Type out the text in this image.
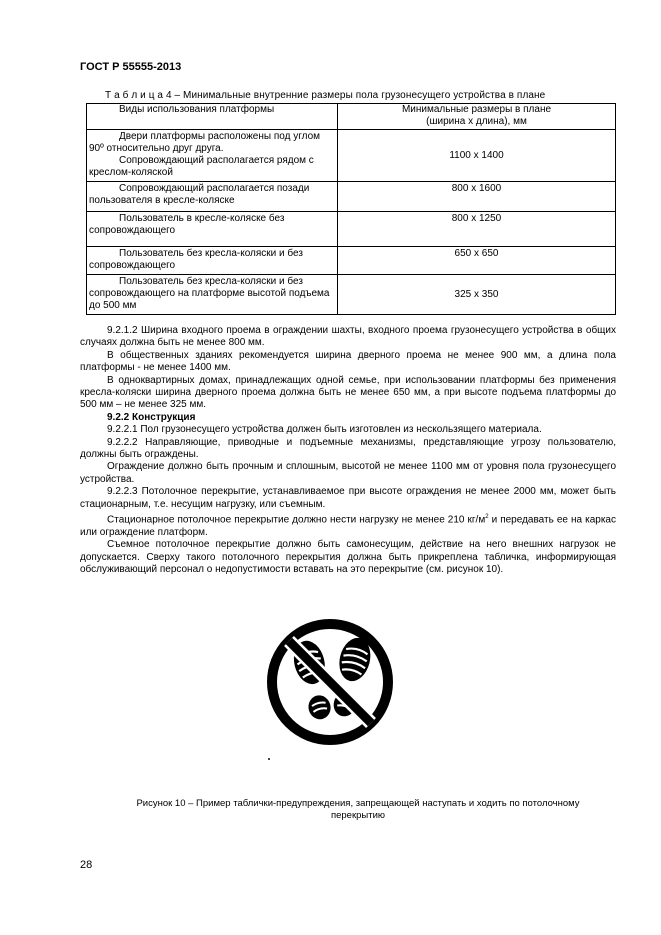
ГОСТ Р 55555-2013
Т а б л и ц а 4 – Минимальные внутренние размеры пола грузонесущего устройства в плане
Виды использования платформы	Минимальные размеры в плане
(ширина х длина), мм

Двери платформы расположены под углом 90º относительно друг друга.
Сопровождающий располагается рядом с креслом-коляской	1100 х 1400
Сопровождающий располагается позади пользователя в кресле-коляске	800 х 1600
Пользователь в кресле-коляске без сопровождающего	800 х 1250
Пользователь без кресла-коляски и без сопровождающего	650 х 650
Пользователь без кресла-коляски и без сопровождающего на платформе высотой подъема до 500 мм	325 х 350

9.2.1.2 Ширина входного проема в ограждении шахты, входного проема грузонесущего устройства в общих случаях должна быть не менее 800 мм.

В общественных зданиях рекомендуется ширина дверного проема не менее 900 мм, а длина пола платформы - не менее 1400 мм.

В одноквартирных домах, принадлежащих одной семье, при использовании платформы без применения кресла-коляски ширина дверного проема должна быть не менее 650 мм, а при высоте подъема платформы до 500 мм – не менее 325 мм.

9.2.2 Конструкция

9.2.2.1 Пол грузонесущего устройства должен быть изготовлен из нескользящего материала.

9.2.2.2 Направляющие, приводные и подъемные механизмы, представляющие угрозу пользователю, должны быть ограждены.

Ограждение должно быть прочным и сплошным, высотой не менее 1100 мм от уровня пола грузонесущего устройства.

9.2.2.3 Потолочное перекрытие, устанавливаемое при высоте ограждения не менее 2000 мм, может быть стационарным, т.е. несущим нагрузку, или съемным.

Стационарное потолочное перекрытие должно нести нагрузку не менее 210 $кг/м^2$ и передавать ее на каркас или ограждение платформ.

Съемное потолочное перекрытие должно быть самонесущим, действие на него внешних нагрузок не допускается. Сверху такого потолочного перекрытия должна быть прикреплена табличка, информирующая обслуживающий персонал о недопустимости вставать на это перекрытие (см. рисунок 10).

Рисунок 10 – Пример таблички-предупреждения, запрещающей наступать и ходить по потолочному
перекрытию
28
